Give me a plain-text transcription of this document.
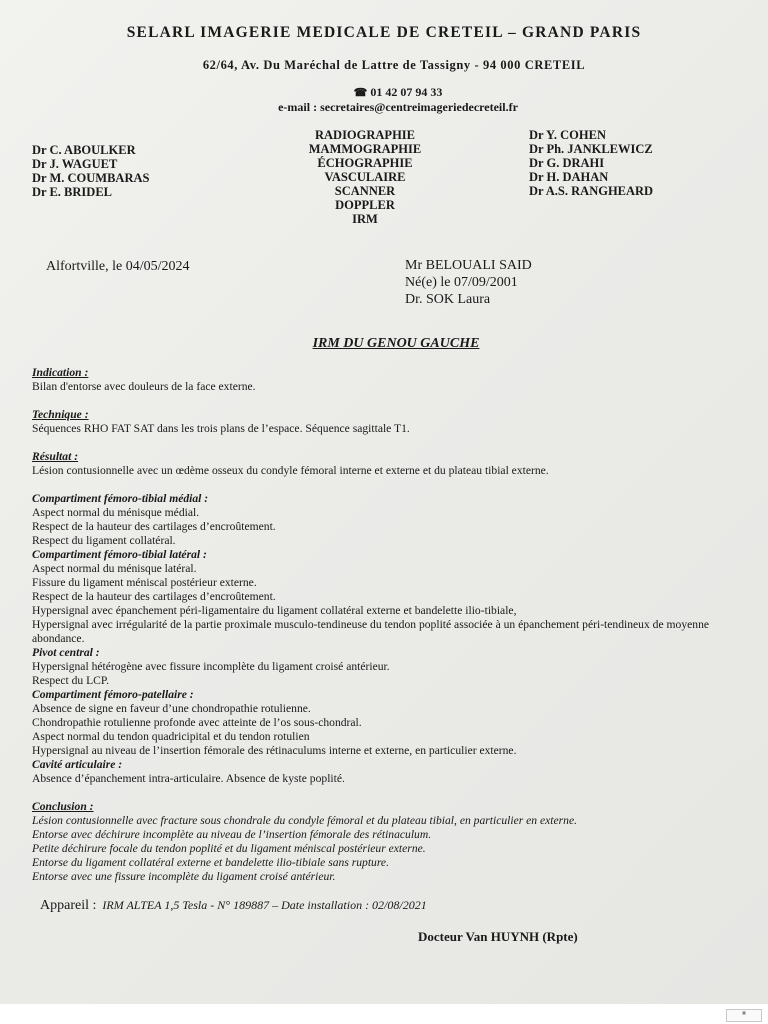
SELARL IMAGERIE MEDICALE DE CRETEIL – GRAND PARIS
62/64, Av. Du Maréchal de Lattre de Tassigny - 94 000 CRETEIL
☎ 01 42 07 94 33
e-mail : secretaires@centreimageriedecreteil.fr
Dr C. ABOULKER
Dr J. WAGUET
Dr M. COUMBARAS
Dr E. BRIDEL
RADIOGRAPHIE
MAMMOGRAPHIE
ÉCHOGRAPHIE
VASCULAIRE
SCANNER
DOPPLER
IRM
Dr Y. COHEN
Dr Ph. JANKLEWICZ
Dr G. DRAHI
Dr H. DAHAN
Dr A.S. RANGHEARD
Alfortville, le 04/05/2024	Mr BELOUALI SAID
Né(e) le 07/09/2001
Dr. SOK Laura
IRM DU GENOU GAUCHE
Indication :
Bilan d'entorse avec douleurs de la face externe.
Technique :
Séquences RHO FAT SAT dans les trois plans de l’espace. Séquence sagittale T1.
Résultat :
Lésion contusionnelle avec un œdème osseux du condyle fémoral interne et externe et du plateau tibial externe.
Compartiment fémoro-tibial médial :
Aspect normal du ménisque médial.
Respect de la hauteur des cartilages d’encroûtement.
Respect du ligament collatéral.
Compartiment fémoro-tibial latéral :
Aspect normal du ménisque latéral.
Fissure du ligament méniscal postérieur externe.
Respect de la hauteur des cartilages d’encroûtement.
Hypersignal avec épanchement péri-ligamentaire du ligament collatéral externe et bandelette ilio-tibiale,
Hypersignal avec irrégularité de la partie proximale musculo-tendineuse du tendon poplité associée à un épanchement péri-tendineux de moyenne abondance.
Pivot central :
Hypersignal hétérogène avec fissure incomplète du ligament croisé antérieur.
Respect du LCP.
Compartiment fémoro-patellaire :
Absence de signe en faveur d’une chondropathie rotulienne.
Chondropathie rotulienne profonde avec atteinte de l’os sous-chondral.
Aspect normal du tendon quadricipital et du tendon rotulien
Hypersignal au niveau de l’insertion fémorale des rétinaculums interne et externe, en particulier externe.
Cavité articulaire :
Absence d’épanchement intra-articulaire. Absence de kyste poplité.
Conclusion :
Lésion contusionnelle avec fracture sous chondrale du condyle fémoral et du plateau tibial, en particulier en externe.
Entorse avec déchirure incomplète au niveau de l’insertion fémorale des rétinaculum.
Petite déchirure focale du tendon poplité et du ligament méniscal postérieur externe.
Entorse du ligament collatéral externe et bandelette ilio-tibiale sans rupture.
Entorse avec une fissure incomplète du ligament croisé antérieur.
Appareil : IRM ALTEA 1,5 Tesla - N° 189887 – Date installation : 02/08/2021
Docteur Van HUYNH (Rpte)
▦
